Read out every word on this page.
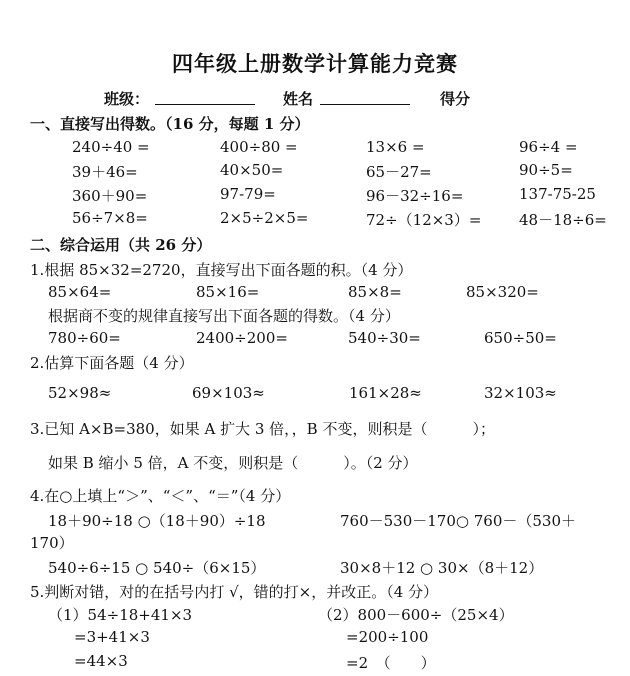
四年级上册数学计算能力竞赛
班级：	姓名	得分
一、直接写出得数。（16 分，每题 1 分）
240÷40 =	400÷80 =	13×6 =	96÷4 =
39＋46=	40×50=	65－27=	90÷5=
360＋90=	97-79=	96－32÷16=	137-75-25
56÷7×8=	2×5÷2×5=	72÷（12×3）=	48－18÷6=
二、综合运用（共 26 分）
1.根据 85×32=2720，直接写出下面各题的积。（4 分）
85×64=	85×16=	85×8=	85×320=
根据商不变的规律直接写出下面各题的得数。（4 分）
780÷60=	2400÷200=	540÷30=	650÷50=
2.估算下面各题（4 分）
52×98≈	69×103≈	161×28≈	32×103≈
3.已知 A×B=380，如果 A 扩大 3 倍，，B 不变，则积是（　　　）；
如果 B 缩小 5 倍，A 不变，则积是（　　　）。（2 分）
4.在○上填上“＞”、“＜”、“＝”（4 分）
18＋90÷18 ○（18＋90）÷18	760－530－170○ 760－（530＋
170）
540÷6÷15 ○ 540÷（6×15）	30×8＋12 ○ 30×（8＋12）
5.判断对错，对的在括号内打 √，错的打×，并改正。（4 分）
（1）54÷18+41×3
=3+41×3
=44×3
（2）800－600÷（25×4）
=200÷100
=2　（　　）
